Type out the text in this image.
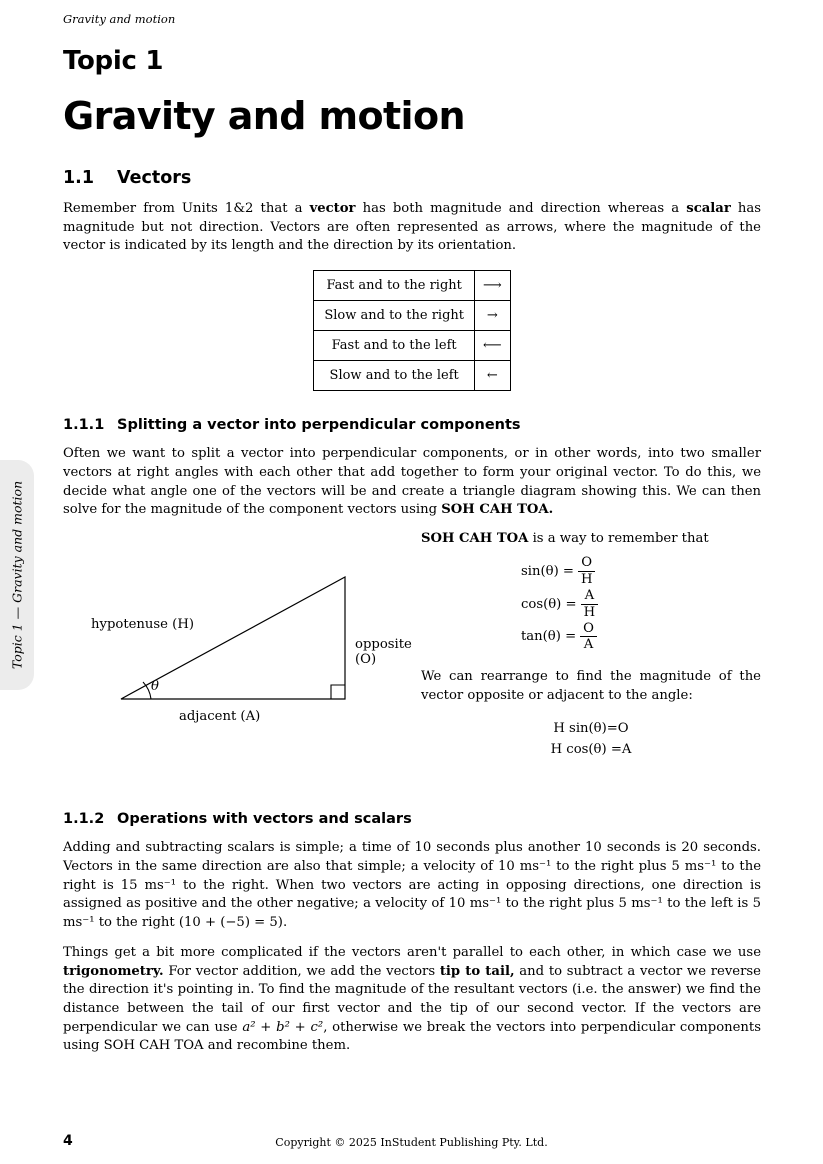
Gravity and motion
Topic 1 — Gravity and motion
Topic 1
Gravity and motion
1.1 Vectors

Remember from Units 1&2 that a vector has both magnitude and direction whereas a scalar has magnitude but not direction. Vectors are often represented as arrows, where the magnitude of the vector is indicated by its length and the direction by its orientation.

Fast and to the right	⟶
Slow and to the right	→
Fast and to the left	⟵
Slow and to the left	←
1.1.1 Splitting a vector into perpendicular components

Often we want to split a vector into perpendicular components, or in other words, into two smaller vectors at right angles with each other that add together to form your original vector. To do this, we decide what angle one of the vectors will be and create a triangle diagram showing this. We can then solve for the magnitude of the component vectors using SOH CAH TOA.

θ
hypotenuse (H)
opposite (O)
adjacent (A)
SOH CAH TOA is a way to remember that
$\sin(\theta) = \frac{O}{H}$
$\cos(\theta) = \frac{A}{H}$
$\tan(\theta) = \frac{O}{A}$
We can rearrange to find the magnitude of the vector opposite or adjacent to the angle:
H sin(θ)=O
H cos(θ) =A
1.1.2 Operations with vectors and scalars

Adding and subtracting scalars is simple; a time of 10 seconds plus another 10 seconds is 20 seconds. Vectors in the same direction are also that simple; a velocity of 10 ms⁻¹ to the right plus 5 ms⁻¹ to the right is 15 ms⁻¹ to the right. When two vectors are acting in opposing directions, one direction is assigned as positive and the other negative; a velocity of 10 ms⁻¹ to the right plus 5 ms⁻¹ to the left is 5 ms⁻¹ to the right (10 + (−5) = 5).

Things get a bit more complicated if the vectors aren't parallel to each other, in which case we use trigonometry. For vector addition, we add the vectors tip to tail, and to subtract a vector we reverse the direction it's pointing in. To find the magnitude of the resultant vectors (i.e. the answer) we find the distance between the tail of our first vector and the tip of our second vector. If the vectors are perpendicular we can use a² + b² + c², otherwise we break the vectors into perpendicular components using SOH CAH TOA and recombine them.

4	Copyright © 2025 InStudent Publishing Pty. Ltd.
